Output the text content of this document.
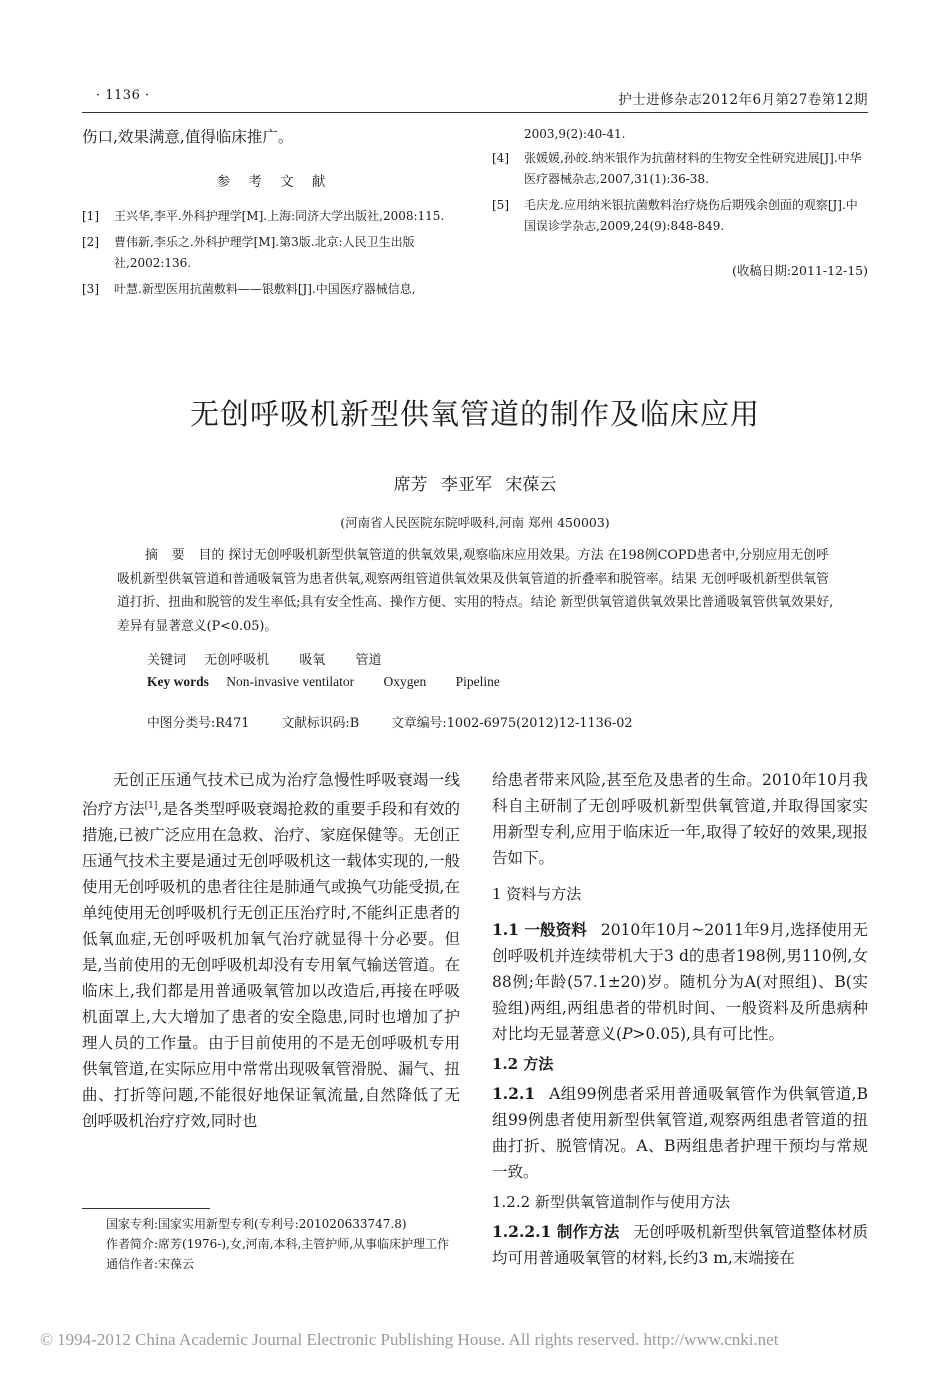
· 1136 ·	护士进修杂志2012年6月第27卷第12期
伤口,效果满意,值得临床推广。
参 考 文 献
[1] 王兴华,李平.外科护理学[M].上海:同济大学出版社,2008:115.
[2] 曹伟新,李乐之.外科护理学[M].第3版.北京:人民卫生出版社,2002:136.
[3] 叶慧.新型医用抗菌敷料——银敷料[J].中国医疗器械信息,
2003,9(2):40-41.
[4] 张媛媛,孙皎.纳米银作为抗菌材料的生物安全性研究进展[J].中华医疗器械杂志,2007,31(1):36-38.
[5] 毛庆龙.应用纳米银抗菌敷料治疗烧伤后期残余创面的观察[J].中国误诊学杂志,2009,24(9):848-849.
(收稿日期:2011-12-15)
无创呼吸机新型供氧管道的制作及临床应用
席芳 李亚军 宋葆云
(河南省人民医院东院呼吸科,河南 郑州 450003)
摘 要 目的 探讨无创呼吸机新型供氧管道的供氧效果,观察临床应用效果。方法 在198例COPD患者中,分别应用无创呼吸机新型供氧管道和普通吸氧管为患者供氧,观察两组管道供氧效果及供氧管道的折叠率和脱管率。结果 无创呼吸机新型供氧管道打折、扭曲和脱管的发生率低;具有安全性高、操作方便、实用的特点。结论 新型供氧管道供氧效果比普通吸氧管供氧效果好,差异有显著意义(P<0.05)。
关键词 无创呼吸机 吸氧 管道
Key words Non-invasive ventilator Oxygen Pipeline
中图分类号:R471	文献标识码:B	文章编号:1002-6975(2012)12-1136-02

无创正压通气技术已成为治疗急慢性呼吸衰竭一线治疗方法[1],是各类型呼吸衰竭抢救的重要手段和有效的措施,已被广泛应用在急救、治疗、家庭保健等。无创正压通气技术主要是通过无创呼吸机这一载体实现的,一般使用无创呼吸机的患者往往是肺通气或换气功能受损,在单纯使用无创呼吸机行无创正压治疗时,不能纠正患者的低氧血症,无创呼吸机加氧气治疗就显得十分必要。但是,当前使用的无创呼吸机却没有专用氧气输送管道。在临床上,我们都是用普通吸氧管加以改造后,再接在呼吸机面罩上,大大增加了患者的安全隐患,同时也增加了护理人员的工作量。由于目前使用的不是无创呼吸机专用供氧管道,在实际应用中常常出现吸氧管滑脱、漏气、扭曲、打折等问题,不能很好地保证氧流量,自然降低了无创呼吸机治疗疗效,同时也

给患者带来风险,甚至危及患者的生命。2010年10月我科自主研制了无创呼吸机新型供氧管道,并取得国家实用新型专利,应用于临床近一年,取得了较好的效果,现报告如下。

1 资料与方法

1.1 一般资料 2010年10月~2011年9月,选择使用无创呼吸机并连续带机大于3 d的患者198例,男110例,女88例;年龄(57.1±20)岁。随机分为A(对照组)、B(实验组)两组,两组患者的带机时间、一般资料及所患病种对比均无显著意义(P>0.05),具有可比性。

1.2 方法

1.2.1 A组99例患者采用普通吸氧管作为供氧管道,B组99例患者使用新型供氧管道,观察两组患者管道的扭曲打折、脱管情况。A、B两组患者护理干预均与常规一致。

1.2.2 新型供氧管道制作与使用方法

1.2.2.1 制作方法 无创呼吸机新型供氧管道整体材质均可用普通吸氧管的材料,长约3 m,末端接在

国家专利:国家实用新型专利(专利号:201020633747.8)
作者简介:席芳(1976-),女,河南,本科,主管护师,从事临床护理工作
通信作者:宋葆云
© 1994-2012 China Academic Journal Electronic Publishing House. All rights reserved. http://www.cnki.net
